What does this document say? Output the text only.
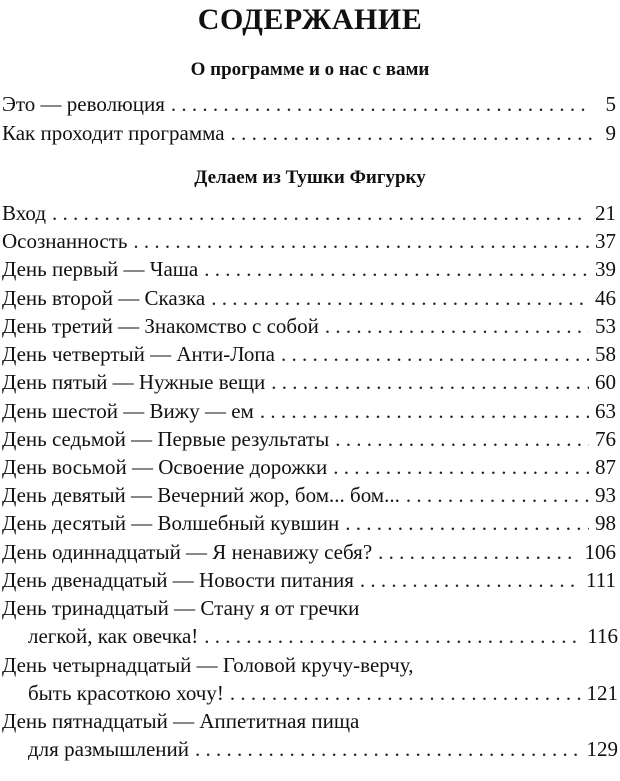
СОДЕРЖАНИЕ
О программе и о нас с вами
Это — революция . . .	5
Как проходит программа . . .	9
Делаем из Тушки Фигурку
Вход . . .	21
Осознанность . . .	37
День первый — Чаша . . .	39
День второй — Сказка . . .	46
День третий — Знакомство с собой . . .	53
День четвертый — Анти-Лопа . . .	58
День пятый — Нужные вещи . . .	60
День шестой — Вижу — ем . . .	63
День седьмой — Первые результаты . . .	76
День восьмой — Освоение дорожки . . .	87
День девятый — Вечерний жор, бом... бом... . . .	93
День десятый — Волшебный кувшин . . .	98
День одиннадцатый — Я ненавижу себя? . . .	106
День двенадцатый — Новости питания . . .	111
День тринадцатый — Стану я от гречки
легкой, как овечка! . . .	116
День четырнадцатый — Головой кручу-верчу,
быть красоткою хочу! . . .	121
День пятнадцатый — Аппетитная пища
для размышлений . . .	129
